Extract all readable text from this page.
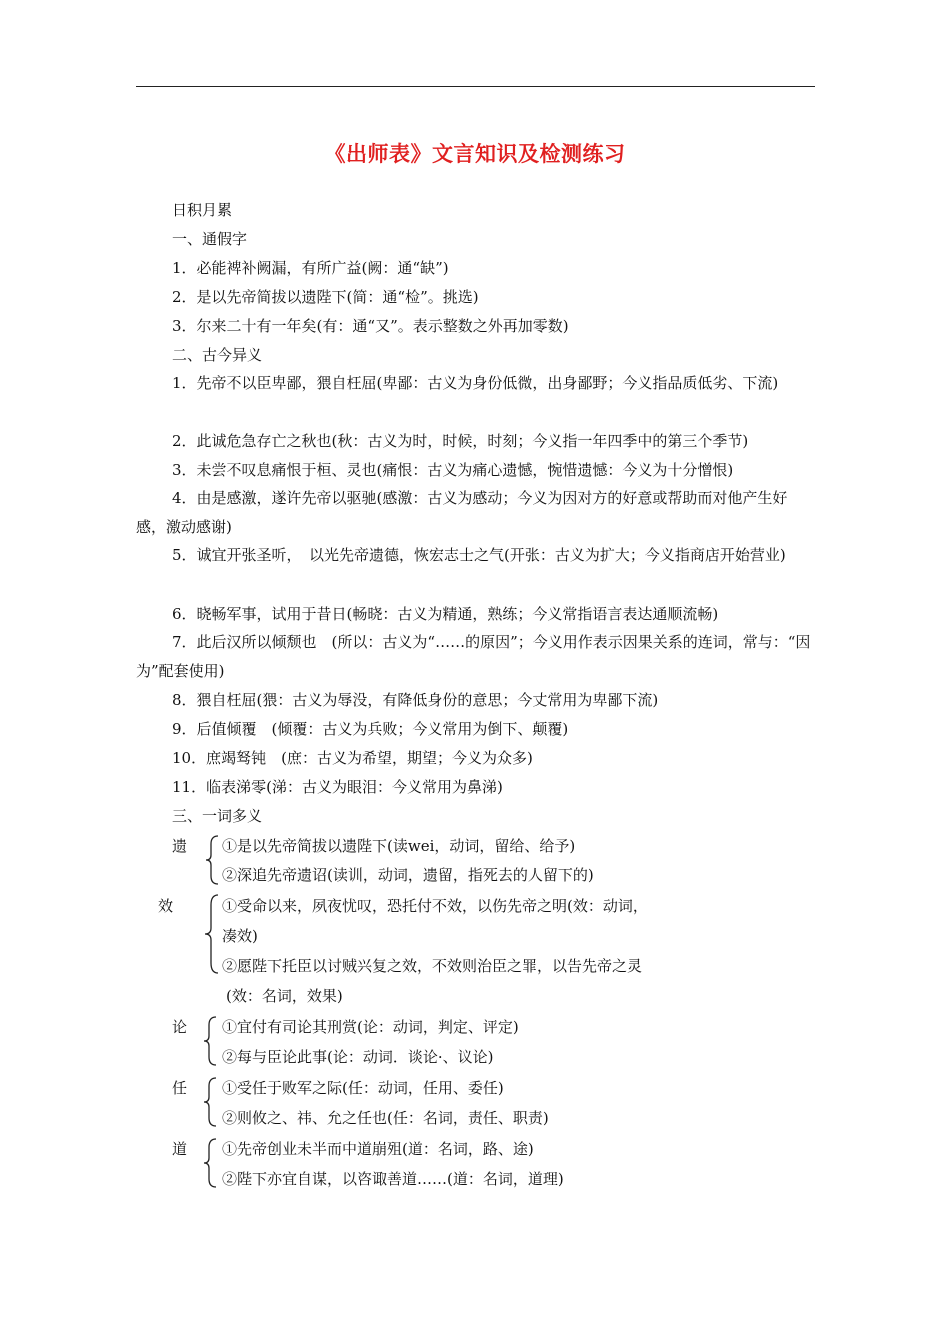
《出师表》文言知识及检测练习
日积月累
一、通假字
1．必能裨补阙漏，有所广益(阙：通“缺”)
2．是以先帝简拔以遗陛下(简：通“检”。挑选)
3．尔来二十有一年矣(有：通“又”。表示整数之外再加零数)
二、古今异义
1．先帝不以臣卑鄙，猥自枉屈(卑鄙：古义为身份低微，出身鄙野；今义指品质低劣、下流)
2．此诚危急存亡之秋也(秋：古义为时，时候，时刻；今义指一年四季中的第三个季节)
3．未尝不叹息痛恨于桓、灵也(痛恨：古义为痛心遗憾，惋惜遗憾：今义为十分憎恨)
4．由是感激，遂许先帝以驱驰(感激：古义为感动；今义为因对方的好意或帮助而对他产生好感，激动感谢)
5．诚宜开张圣听，　以光先帝遗德，恢宏志士之气(开张：古义为扩大；今义指商店开始营业)
6．晓畅军事，试用于昔日(畅晓：古义为精通，熟练；今义常指语言表达通顺流畅)
7．此后汉所以倾颓也　(所以：古义为“……的原因”；今义用作表示因果关系的连词，常与：“因为”配套使用)
8．猥自枉屈(猥：古义为辱没，有降低身份的意思；今丈常用为卑鄙下流)
9．后值倾覆　(倾覆：古义为兵败；今义常用为倒下、颠覆)
10．庶竭驽钝　(庶：古义为希望，期望；今义为众多)
11．临表涕零(涕：古义为眼泪：今义常用为鼻涕)
三、一词多义
遗 ①是以先帝简拔以遗陛下(读wei，动词，留给、给予)
②深追先帝遗诏(读训，动词，遗留，指死去的人留下的)
效	①受命以来，夙夜忧叹，恐托付不效，以伤先帝之明(效：动词，
凑效)
②愿陛下托臣以讨贼兴复之效，不效则治臣之罪，以告先帝之灵
(效：名词，效果)
论 ①宜付有司论其刑赏(论：动词，判定、评定)
②每与臣论此事(论：动词．谈论·、议论)
任 ①受任于败军之际(任：动词，任用、委任)
②则攸之、祎、允之任也(任：名词，责任、职责)
道 ①先帝创业未半而中道崩殂(道：名词，路、途)
②陛下亦宜自谋，以咨诹善道……(道：名词，道理)
